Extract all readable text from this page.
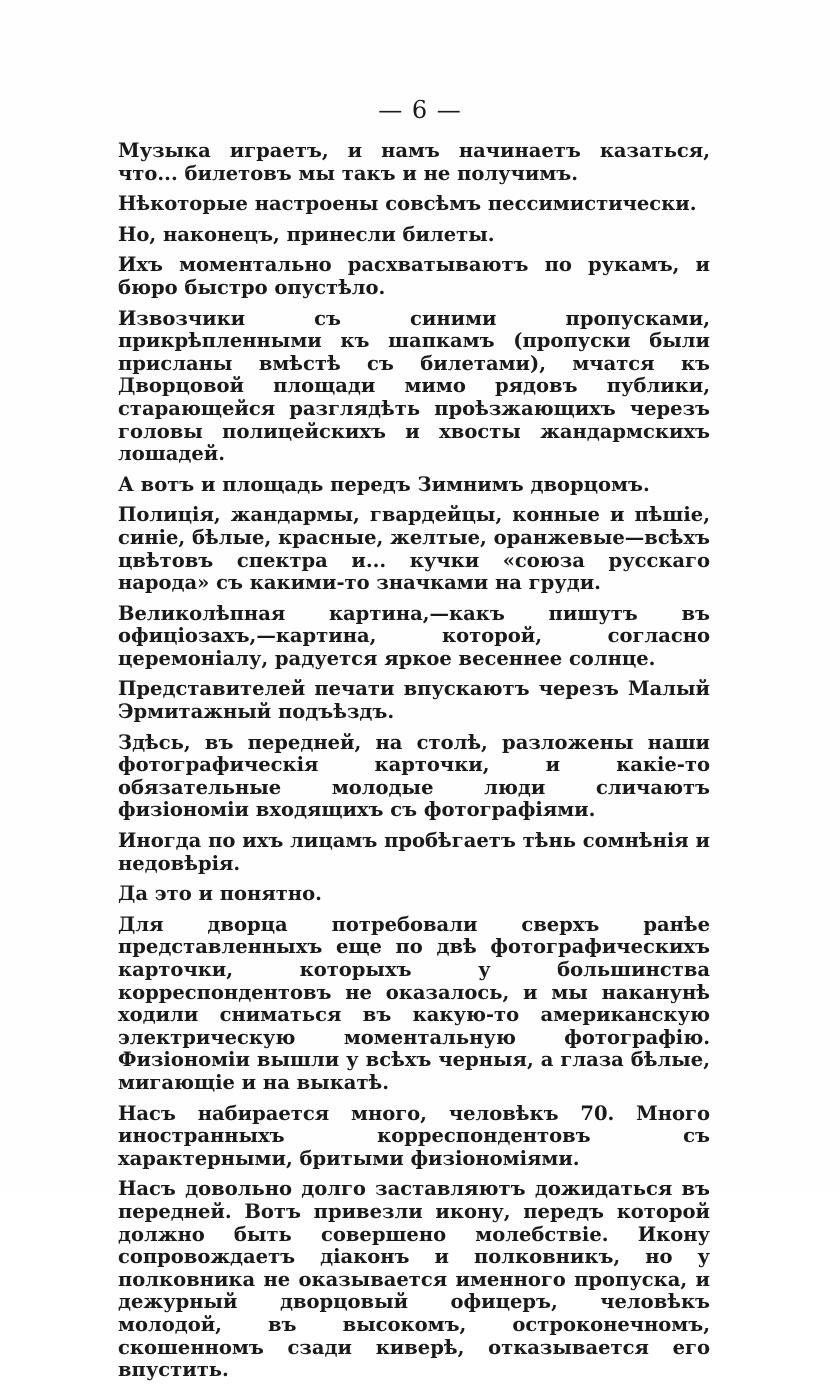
— 6 —

Музыка играетъ, и намъ начинаетъ казаться, что... билетовъ мы такъ и не получимъ.

Нѣкоторые настроены совсѣмъ пессимистически.

Но, наконецъ, принесли билеты.

Ихъ моментально расхватываютъ по рукамъ, и бюро быстро опустѣло.

Извозчики съ синими пропусками, прикрѣпленными къ шапкамъ (пропуски были присланы вмѣстѣ съ билетами), мчатся къ Дворцовой площади мимо рядовъ публики, старающейся разглядѣть проѣзжающихъ черезъ головы полицейскихъ и хвосты жандармскихъ лошадей.

А вотъ и площадь передъ Зимнимъ дворцомъ.

Полиція, жандармы, гвардейцы, конные и пѣшіе, синіе, бѣлые, красные, желтые, оранжевые—всѣхъ цвѣтовъ спектра и... кучки «союза русскаго народа» съ какими-то значками на груди.

Великолѣпная картина,—какъ пишутъ въ офиціозахъ,—картина, которой, согласно церемоніалу, радуется яркое весеннее солнце.

Представителей печати впускаютъ черезъ Малый Эрмитажный подъѣздъ.

Здѣсь, въ передней, на столѣ, разложены наши фотографическія карточки, и какіе-то обязательные молодые люди сличаютъ физіономіи входящихъ съ фотографіями.

Иногда по ихъ лицамъ пробѣгаетъ тѣнь сомнѣнія и недовѣрія.

Да это и понятно.

Для дворца потребовали сверхъ ранѣе представленныхъ еще по двѣ фотографическихъ карточки, которыхъ у большинства корреспондентовъ не оказалось, и мы наканунѣ ходили сниматься въ какую-то американскую электрическую моментальную фотографію. Физіономіи вышли у всѣхъ черныя, а глаза бѣлые, мигающіе и на выкатѣ.

Насъ набирается много, человѣкъ 70. Много иностранныхъ корреспондентовъ съ характерными, бритыми физіономіями.

Насъ довольно долго заставляютъ дожидаться въ передней. Вотъ привезли икону, передъ которой должно быть совершено молебствіе. Икону сопровождаетъ діаконъ и полковникъ, но у полковника не оказывается именного пропуска, и дежурный дворцовый офицеръ, человѣкъ молодой, въ высокомъ, остроконечномъ, скошенномъ сзади киверѣ, отказывается его впустить.
